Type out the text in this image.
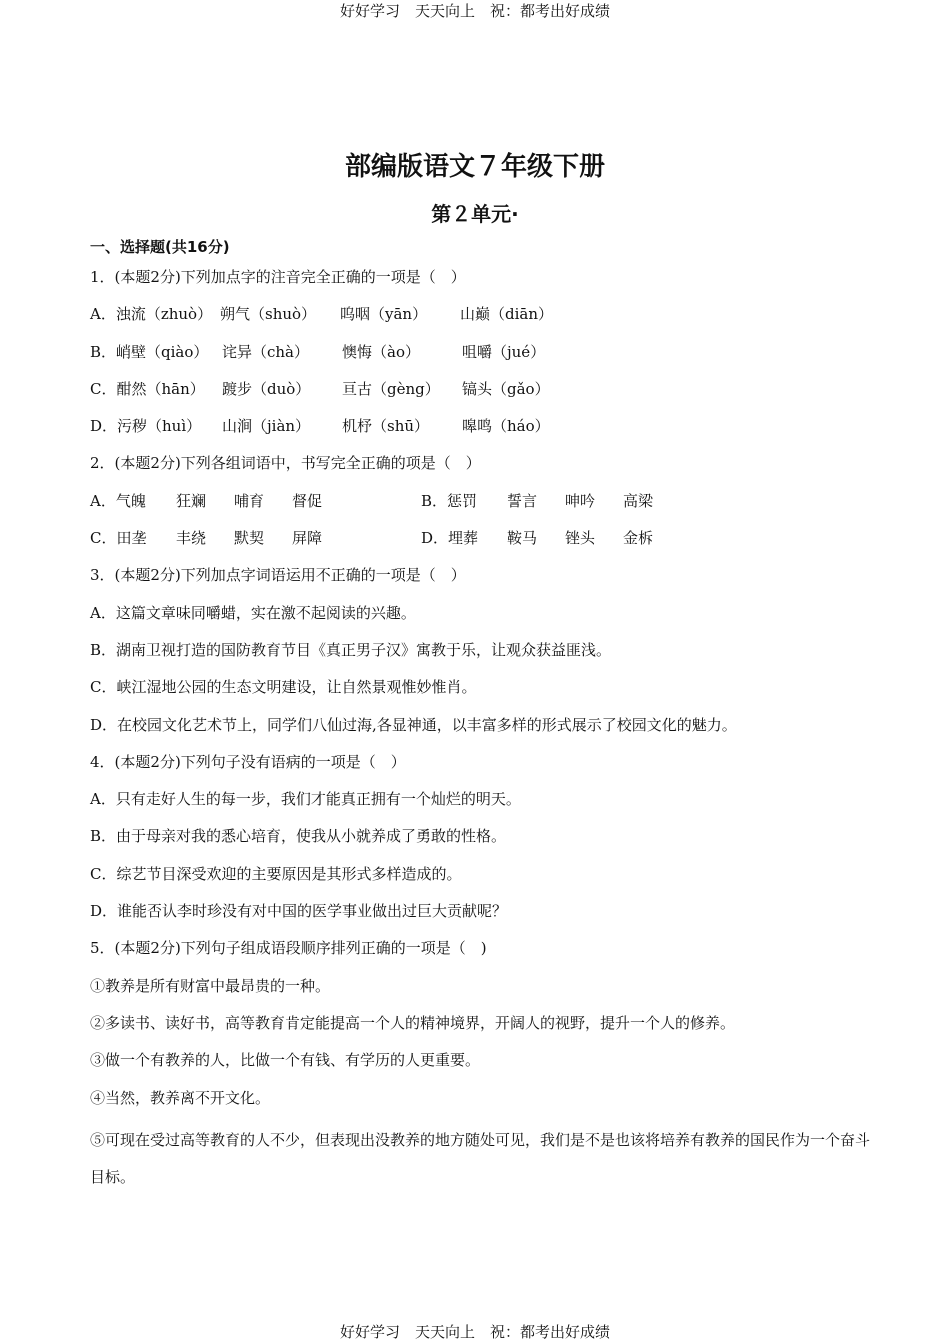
好好学习　天天向上　祝：都考出好成绩
部编版语文７年级下册
第２单元·
一、选择题(共16分)
1．(本题2分)下列加点字的注音完全正确的一项是（　）
A．浊流（zhuò） 朔气（shuò） 呜咽（yān） 山巅（diān）
B．峭壁（qiào） 诧异（chà） 懊悔（ào）	咀嚼（jué）
C．酣然（hān） 踱步（duò） 亘古（gèng） 镐头（gǎo）
D．污秽（huì） 山涧（jiàn） 机杼（shū） 嗥鸣（háo）
2．(本题2分)下列各组词语中，书写完全正确的项是（　）
A．气魄 狂斓 哺育 督促	B．惩罚 誓言 呻吟 高梁
C．田垄 丰绕 默契 屏障	D．埋葬 鞍马 锉头 金柝
3．(本题2分)下列加点字词语运用不正确的一项是（　）
A．这篇文章味同嚼蜡，实在激不起阅读的兴趣。
B．湖南卫视打造的国防教育节目《真正男子汉》寓教于乐，让观众获益匪浅。
C．峡江湿地公园的生态文明建设，让自然景观惟妙惟肖。
D．在校园文化艺术节上，同学们八仙过海,各显神通，以丰富多样的形式展示了校园文化的魅力。
4．(本题2分)下列句子没有语病的一项是（　）
A．只有走好人生的每一步，我们才能真正拥有一个灿烂的明天。
B．由于母亲对我的悉心培育，使我从小就养成了勇敢的性格。
C．综艺节目深受欢迎的主要原因是其形式多样造成的。
D．谁能否认李时珍没有对中国的医学事业做出过巨大贡献呢？
5．(本题2分)下列句子组成语段顺序排列正确的一项是（　)
①教养是所有财富中最昂贵的一种。
②多读书、读好书，高等教育肯定能提高一个人的精神境界，开阔人的视野，提升一个人的修养。
③做一个有教养的人，比做一个有钱、有学历的人更重要。
④当然，教养离不开文化。
⑤可现在受过高等教育的人不少，但表现出没教养的地方随处可见，我们是不是也该将培养有教养的国民作为一个奋斗目标。
好好学习　天天向上　祝：都考出好成绩
